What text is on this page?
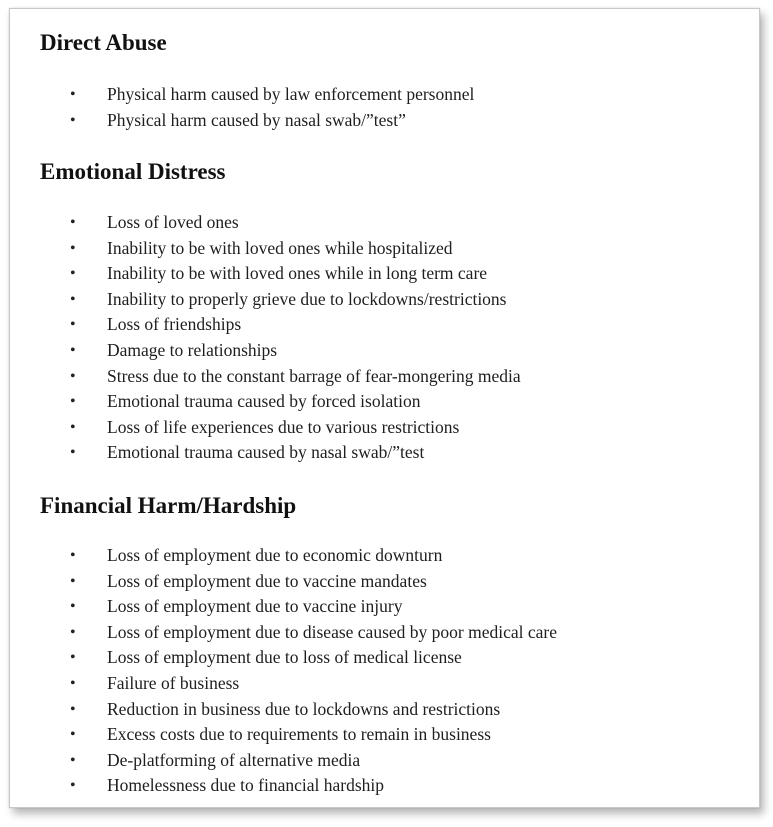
Direct Abuse
• Physical harm caused by law enforcement personnel
• Physical harm caused by nasal swab/”test”
Emotional Distress
• Loss of loved ones
• Inability to be with loved ones while hospitalized
• Inability to be with loved ones while in long term care
• Inability to properly grieve due to lockdowns/restrictions
• Loss of friendships
• Damage to relationships
• Stress due to the constant barrage of fear-mongering media
• Emotional trauma caused by forced isolation
• Loss of life experiences due to various restrictions
• Emotional trauma caused by nasal swab/”test
Financial Harm/Hardship
• Loss of employment due to economic downturn
• Loss of employment due to vaccine mandates
• Loss of employment due to vaccine injury
• Loss of employment due to disease caused by poor medical care
• Loss of employment due to loss of medical license
• Failure of business
• Reduction in business due to lockdowns and restrictions
• Excess costs due to requirements to remain in business
• De-platforming of alternative media
• Homelessness due to financial hardship
